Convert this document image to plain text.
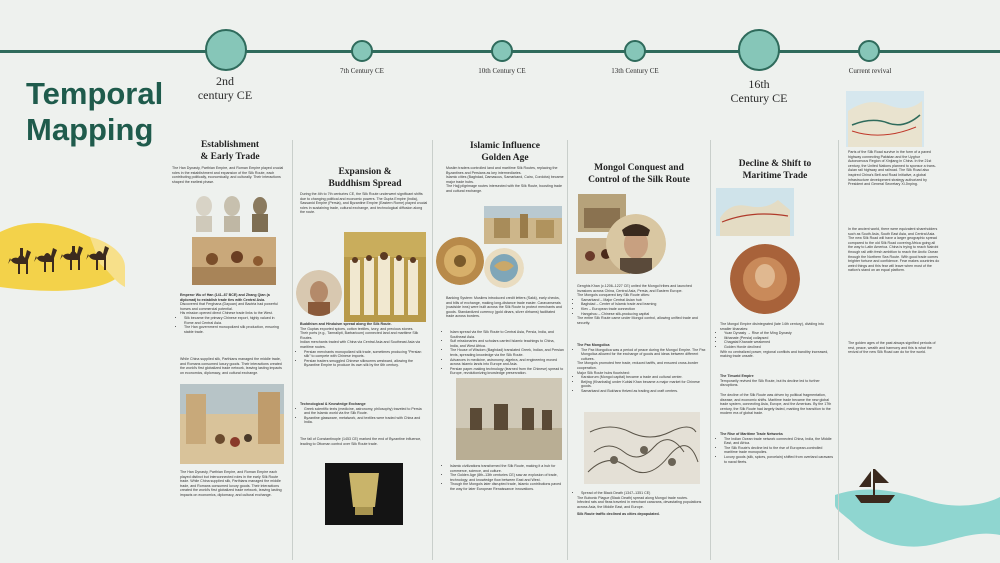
2nd
century CE
7th Century CE	10th Century CE	13th Century CE
16th
Century CE
Current revival
Temporal
Mapping	Establishment
& Early Trade
The Han Dynasty, Parthian Empire, and Roman Empire played crucial roles in the establishment and expansion of the Silk Route, each contributing politically, economically, and culturally. Their interactions shaped the earliest phase.
Emperor Wu of Han (141–87 BCE) and Zhang Qian (a diplomat) to establish trade ties with Central Asia.
Discovered that Ferghana (Dayuan) and Bactria had powerful horses and commercial potential.
His mission opened direct Chinese trade links to the West.
• Silk became the primary Chinese export, highly valued in Rome and Central Asia.
• The Han government monopolized silk production, ensuring stable trade.
While China supplied silk, Parthians managed the middle trade, and Romans consumed luxury goods. Their interactions created the world's first globalized trade network, leaving lasting impacts on economics, diplomacy, and cultural exchange.
The Han Dynasty, Parthian Empire, and Roman Empire each played distinct but interconnected roles in the early Silk Route trade. While China supplied silk, Parthians managed the middle trade, and Romans consumed luxury goods. Their interactions created the world's first globalized trade network, leaving lasting impacts on economics, diplomacy, and cultural exchange.
Expansion &
Buddhism Spread
During the 4th to 7th centuries CE, the Silk Route underwent significant shifts due to changing political and economic powers. The Gupta Empire (India), Sassanid Empire (Persia), and Byzantine Empire (Eastern Rome) played crucial roles in sustaining trade, cultural exchange, and technological diffusion along the route.
Buddhism and Hinduism spread along the Silk Route.
The Guptas exported spices, cotton textiles, ivory, and precious stones.
Their ports (e.g., Tamralipti, Barbaricum) connected land and maritime Silk Routes.
Indian merchants traded with China via Central Asia and Southeast Asia via maritime routes.
• Persian merchants monopolized silk trade, sometimes producing "Persian silk" to compete with Chinese imports.
• Persian traders smuggled Chinese silkworms westward, allowing the Byzantine Empire to produce its own silk by the 6th century.
Technological & Knowledge Exchange
• Greek scientific texts (medicine, astronomy, philosophy) traveled to Persia and the Islamic world via the Silk Route.
• Byzantine glassware, metalwork, and textiles were traded with China and India.
The fall of Constantinople (1453 CE) marked the end of Byzantine influence, leading to Ottoman control over Silk Route trade.
Islamic Influence
Golden Age
Muslim traders controlled land and maritime Silk Routes, replacing the Byzantines and Persians as key intermediaries.
Islamic cities (Baghdad, Damascus, Samarkand, Cairo, Cordoba) became major trade hubs.
The Hajj pilgrimage routes intersected with the Silk Route, boosting trade and cultural exchange.
Banking System: Muslims introduced credit letters (Sakk), early checks, and bills of exchange, making long-distance trade easier. Caravanserais (roadside inns) were built across the Silk Route to protect merchants and goods. Standardized currency (gold dinars, silver dirhams) facilitated trade across borders.
• Islam spread via the Silk Route to Central Asia, Persia, India, and Southeast Asia.
• Sufi missionaries and scholars carried Islamic teachings to China, India, and West Africa.
• The House of Wisdom (Baghdad) translated Greek, Indian, and Persian texts, spreading knowledge via the Silk Route.
• Advances in medicine, astronomy, algebra, and engineering moved across Islamic lands into Europe and Asia.
• Persian paper-making technology (learned from the Chinese) spread to Europe, revolutionizing knowledge preservation.
• Islamic civilizations transformed the Silk Route, making it a hub for commerce, science, and culture.
• The Golden Age (8th–13th centuries CE) saw an explosion of trade, technology, and knowledge flow between East and West.
• Though the Mongols later disrupted trade, Islamic contributions paved the way for later European Renaissance innovations.
Mongol Conquest and
Control of the Silk Route
Genghis Khan (c.1206–1227 CE) united the Mongol tribes and launched invasions across China, Central Asia, Persia, and Eastern Europe.
The Mongols conquered key Silk Route cities:
• Samarkand – Major Central Asian hub
• Baghdad – Center of Islamic trade and learning
• Kiev – European trade connection
• Hangzhou – Chinese silk-producing capital
The entire Silk Route came under Mongol control, allowing unified trade and security.
The Pax Mongolica
• The Pax Mongolica was a period of peace during the Mongol Empire. The Pax Mongolica allowed for the exchange of goods and ideas between different cultures.
The Mongols promoted free trade, reduced tariffs, and ensured cross-border cooperation.
Major Silk Route hubs flourished:
• Karakorum (Mongol capital) became a trade and cultural center.
• Beijing (Khanbaliq) under Kublai Khan became a major market for Chinese goods.
• Samarkand and Bukhara thrived as trading and craft centers.
• Spread of the Black Death (1347–1351 CE)
The Bubonic Plague (Black Death) spread along Mongol trade routes.
Infected rats and fleas traveled in merchant caravans, devastating populations across Asia, the Middle East, and Europe.
Silk Route traffic declined as cities depopulated.
Decline & Shift to
Maritime Trade
The Mongol Empire disintegrated (late 14th century), dividing into smaller khanates:
• Yuan Dynasty → Rise of the Ming Dynasty
• Ilkhanate (Persia) collapsed
• Chagatai Khanate weakened
• Golden Horde declined
With no centralized power, regional conflicts and banditry increased, making trade unsafe.
The Timurid Empire
Temporarily revived the Silk Route, but its decline led to further disruptions.
The decline of the Silk Route was driven by political fragmentation, disease, and economic shifts. Maritime trade became the new global trade system, connecting Asia, Europe, and the Americas. By the 17th century, the Silk Route had largely faded, marking the transition to the modern era of global trade.
The Rise of Maritime Trade Networks
• The Indian Ocean trade network connected China, India, the Middle East, and Africa.
• The Silk Route's decline led to the rise of European-controlled maritime trade monopolies.
• Luxury goods (silk, spices, porcelain) shifted from overland caravans to naval fleets.
Parts of the Silk Road survive in the form of a paved highway connecting Pakistan and the Uyghur Autonomous Region of Xinjiang in China. In the 21st century, the United Nations planned to sponsor a trans-Asian rail highway and railroad. The Silk Road also inspired China's Belt and Road Initiative, a global infrastructure development strategy authorized by President and General Secretary Xi Jinping.
In the ancient world, there were equivalent shareholders such as South Asia, South East Asia, and Central Asia. The new Silk Road will have a larger geographic spread compared to the old Silk Road covering Africa going all the way to Latin America. China is trying to reach Nairobi through rail with fresh ambition to reach the Arctic Ocean through the Northern Sea Route. With good trade comes brighter fortune and confidence. Fear makes countries do weird things and this fear will leave when most of the nation's stand on an equal platform.
The golden ages of the past always signified periods of rest, peace, wealth and harmony and this is what the revival of the new Silk Road can do for the world.
